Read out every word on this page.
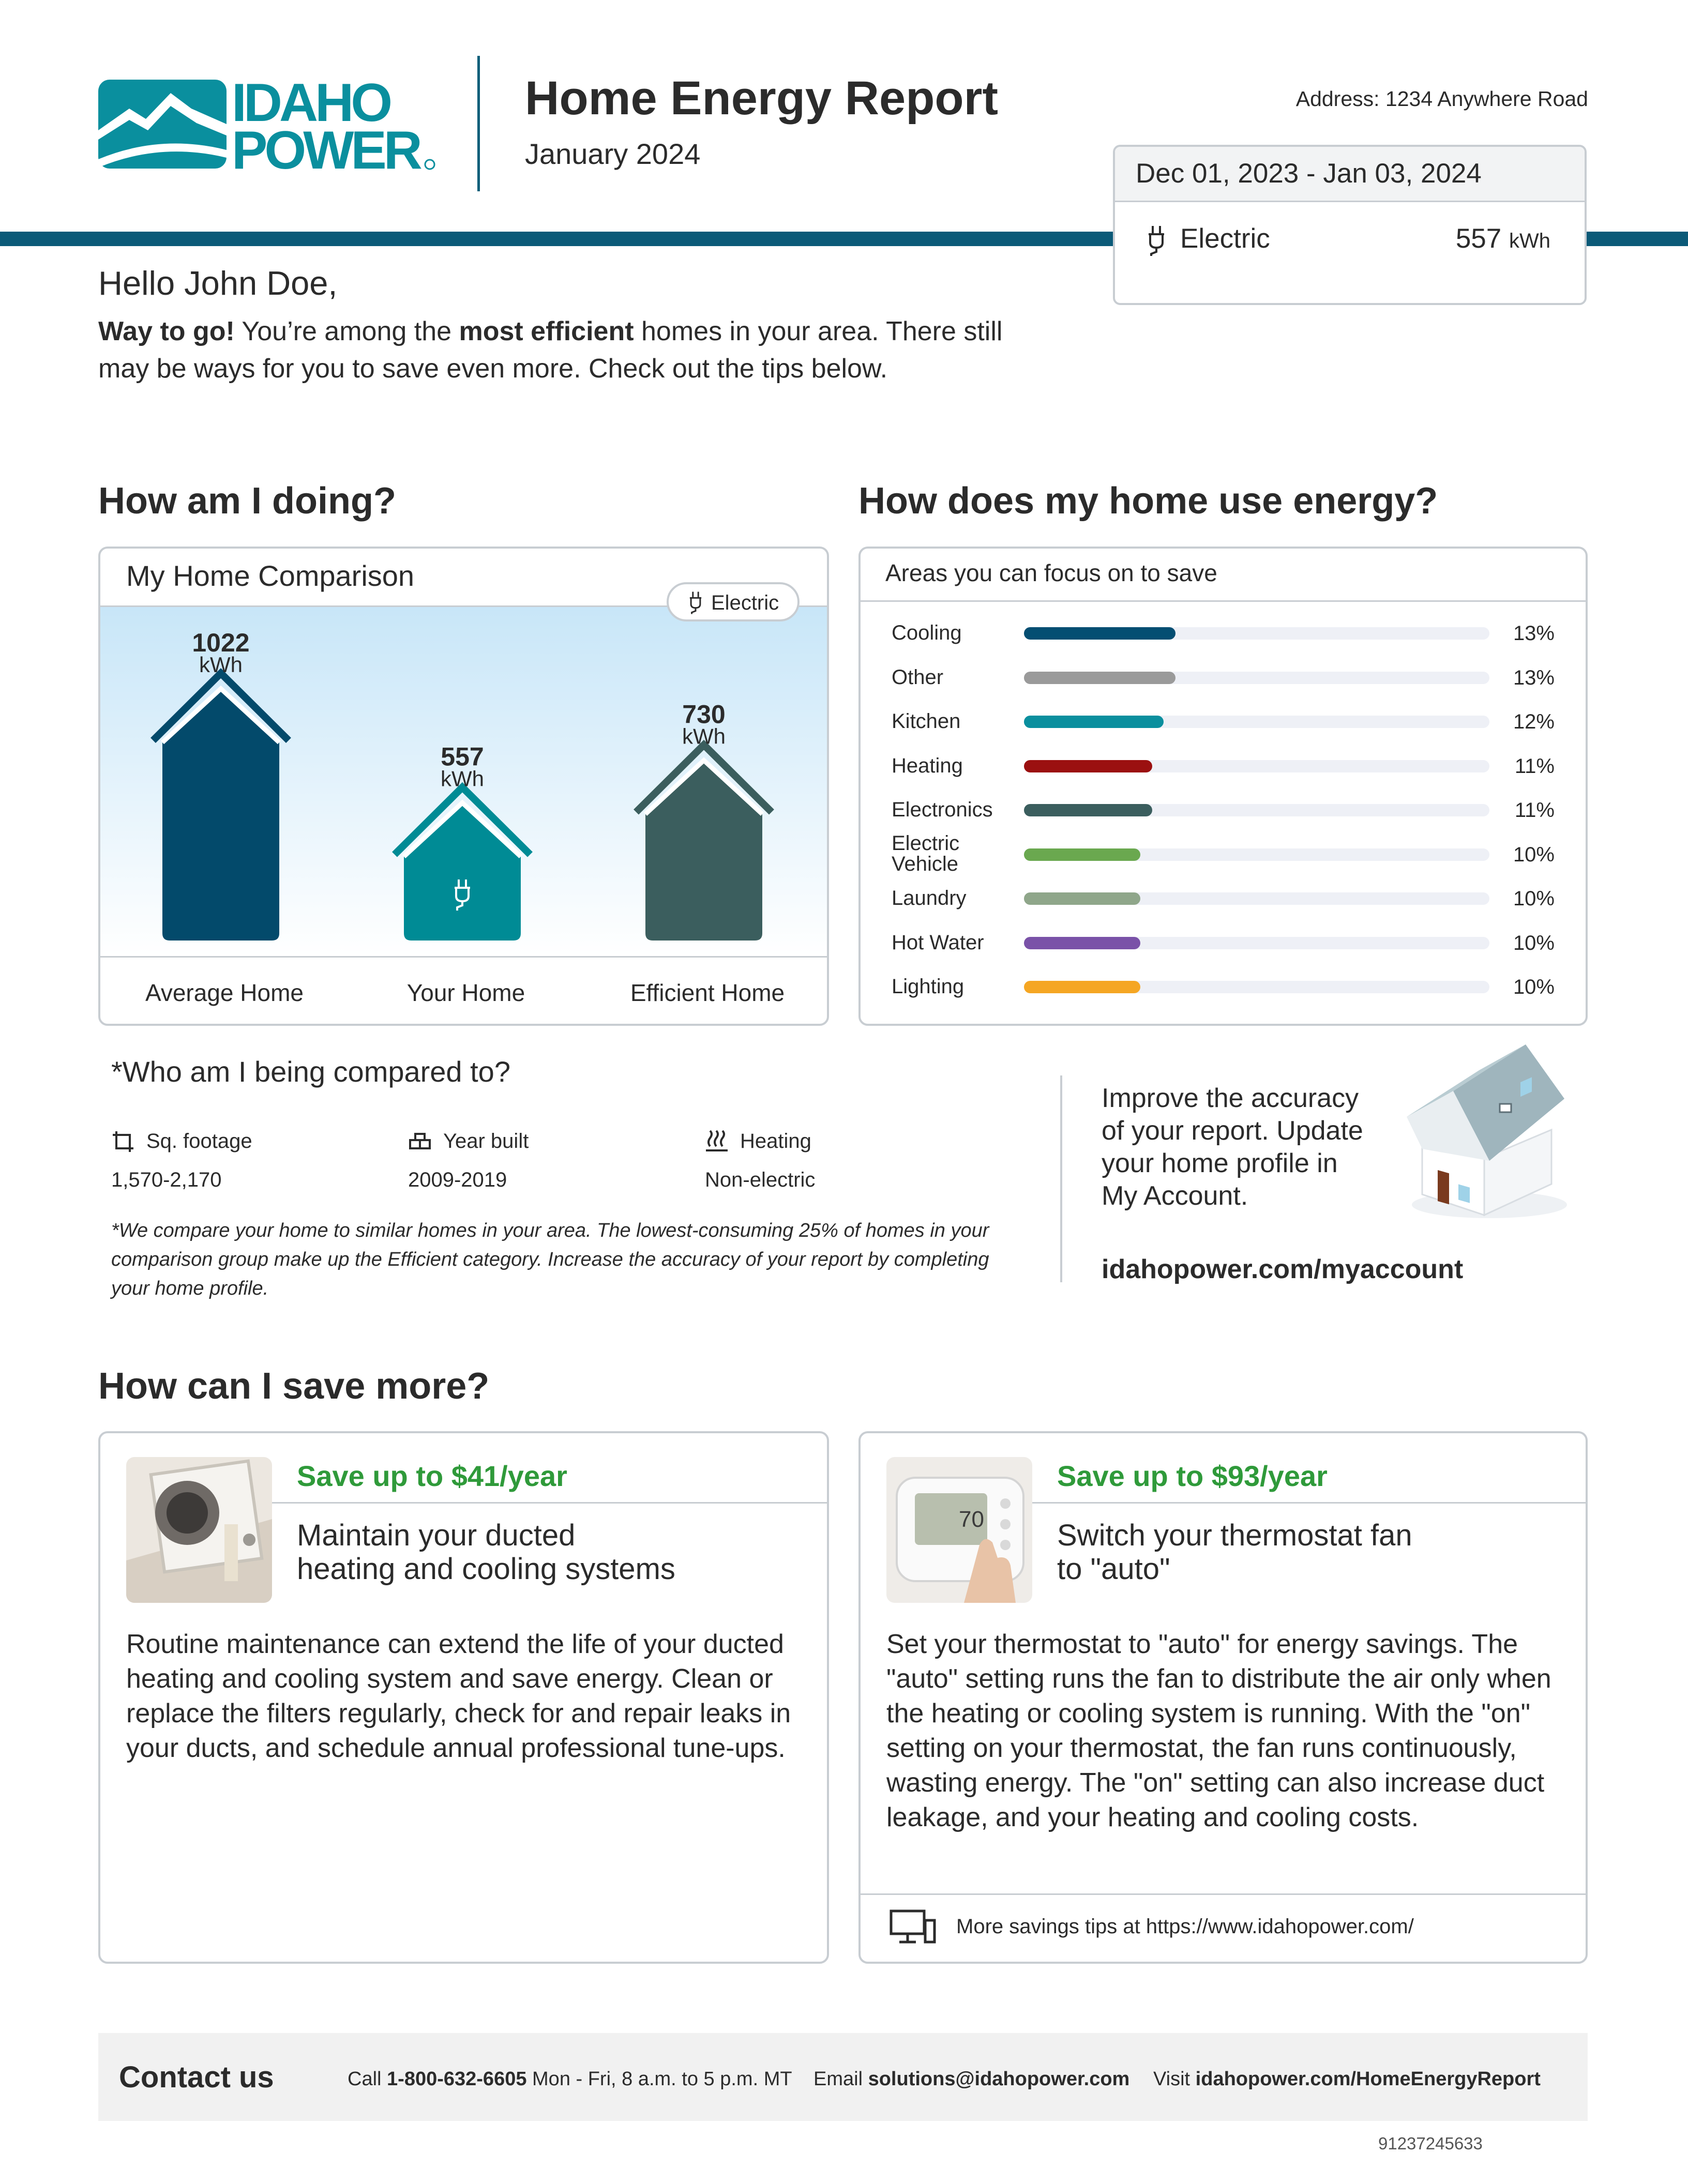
IDAHO
POWER
Home Energy Report
January 2024
Address: 1234 Anywhere Road
Dec 01, 2023 - Jan 03, 2024
Electric	557 kWh
Hello John Doe,
Way to go! You’re among the most efficient homes in your area. There still may be ways for you to save even more. Check out the tips below.
How am I doing?
My Home Comparison
1022
kWh
557
kWh
730
kWh
Electric
Average Home	Your Home	Efficient Home
How does my home use energy?
Areas you can focus on to save
Cooling	13%
Other	13%
Kitchen	12%
Heating	11%
Electronics	11%
Electric
Vehicle	10%
Laundry	10%
Hot Water	10%
Lighting	10%
*Who am I being compared to?
Sq. footage
1,570-2,170
Year built
2009-2019
Heating
Non-electric
*We compare your home to similar homes in your area. The lowest-consuming 25% of homes in your comparison group make up the Efficient category. Increase the accuracy of your report by completing your home profile.
Improve the accuracy of your report. Update your home profile in My Account.
idahopower.com/myaccount
How can I save more?
Save up to $41/year
Maintain your ducted
heating and cooling systems
Routine maintenance can extend the life of your ducted heating and cooling system and save energy. Clean or replace the filters regularly, check for and repair leaks in your ducts, and schedule annual professional tune-ups.
70
Save up to $93/year
Switch your thermostat fan
to "auto"
Set your thermostat to "auto" for energy savings. The "auto" setting runs the fan to distribute the air only when the heating or cooling system is running. With the "on" setting on your thermostat, the fan runs continuously, wasting energy. The "on" setting can also increase duct leakage, and your heating and cooling costs.
More savings tips at https://www.idahopower.com/
Contact us	Call 1-800-632-6605 Mon - Fri, 8 a.m. to 5 p.m. MT Email solutions@idahopower.com Visit idahopower.com/HomeEnergyReport
91237245633
